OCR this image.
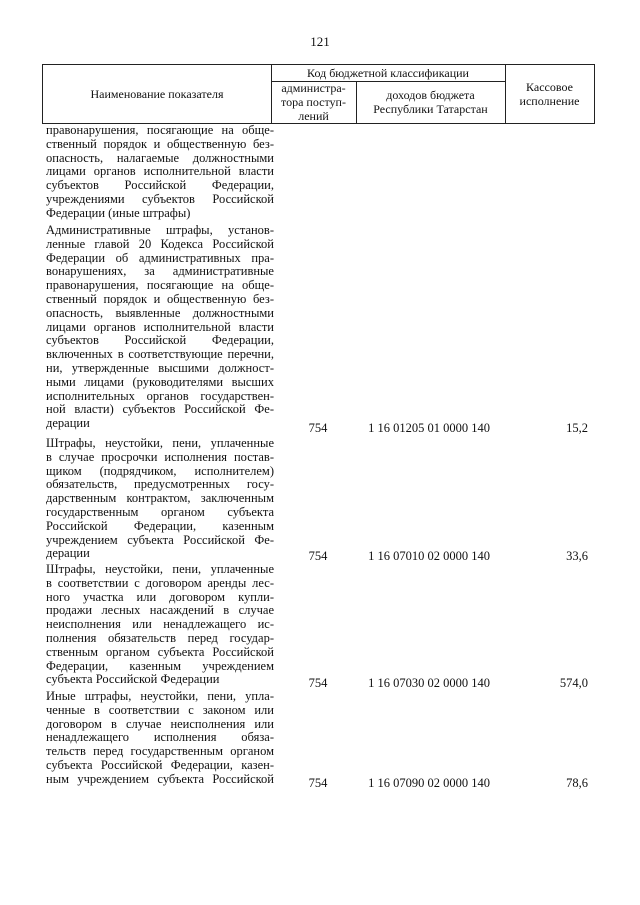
121
Наименование показателя
Код бюджетной классификации
администра-
тора поступ-
лений
доходов бюджета
Республики Татарстан
Кассовое
исполнение
правонарушения, посягающие на обще-
ственный порядок и общественную без-
опасность, налагаемые должностными
лицами органов исполнительной власти
субъектов Российской Федерации,
учреждениями субъектов Российской
Федерации (иные штрафы)
Административные штрафы, установ-
ленные главой 20 Кодекса Российской
Федерации об административных пра-
вонарушениях, за административные
правонарушения, посягающие на обще-
ственный порядок и общественную без-
опасность, выявленные должностными
лицами органов исполнительной власти
субъектов Российской Федерации,
включенных в соответствующие перечни,
ни, утвержденные высшими должност-
ными лицами (руководителями высших
исполнительных органов государствен-
ной власти) субъектов Российской Фе-
дерации	754	1 16 01205 01 0000 140	15,2
Штрафы, неустойки, пени, уплаченные
в случае просрочки исполнения постав-
щиком (подрядчиком, исполнителем)
обязательств, предусмотренных госу-
дарственным контрактом, заключенным
государственным органом субъекта
Российской Федерации, казенным
учреждением субъекта Российской Фе-
дерации	754	1 16 07010 02 0000 140	33,6
Штрафы, неустойки, пени, уплаченные
в соответствии с договором аренды лес-
ного участка или договором купли-
продажи лесных насаждений в случае
неисполнения или ненадлежащего ис-
полнения обязательств перед государ-
ственным органом субъекта Российской
Федерации, казенным учреждением
субъекта Российской Федерации	754	1 16 07030 02 0000 140	574,0
Иные штрафы, неустойки, пени, упла-
ченные в соответствии с законом или
договором в случае неисполнения или
ненадлежащего исполнения обяза-
тельств перед государственным органом
субъекта Российской Федерации, казен-
ным учреждением субъекта Российской	754	1 16 07090 02 0000 140	78,6
